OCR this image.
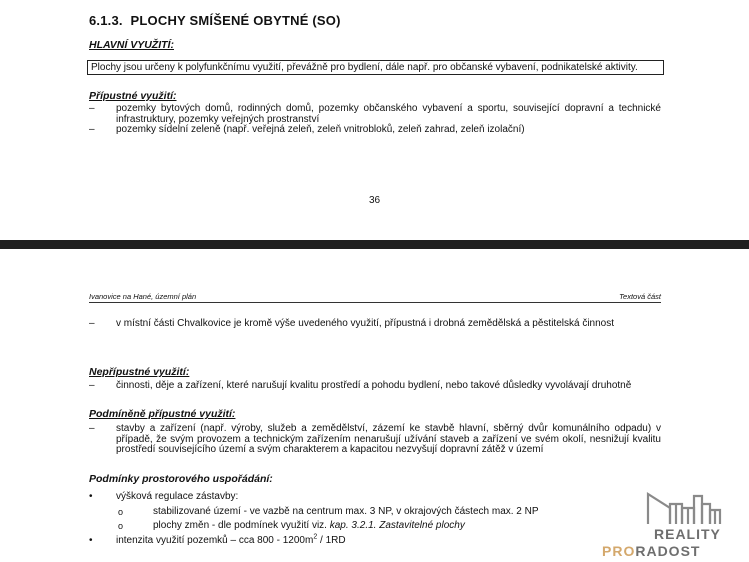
6.1.3. PLOCHY SMÍŠENÉ OBYTNÉ (SO)
HLAVNÍ VYUŽITÍ:
Plochy jsou určeny k polyfunkčnímu využití, převážně pro bydlení, dále např. pro občanské vybavení, podnikatelské aktivity.
Přípustné využití:
– pozemky bytových domů, rodinných domů, pozemky občanského vybavení a sportu, související dopravní a technické infrastruktury, pozemky veřejných prostranství
– pozemky sídelní zeleně (např. veřejná zeleň, zeleň vnitrobloků, zeleň zahrad, zeleň izolační)
36
Ivanovice na Hané, územní plán	Textová část
– v místní části Chvalkovice je kromě výše uvedeného využití, přípustná i drobná zemědělská a pěstitelská činnost
Nepřípustné využití:
– činnosti, děje a zařízení, které narušují kvalitu prostředí a pohodu bydlení, nebo takové důsledky vyvolávají druhotně
Podmíněně přípustné využití:
– stavby a zařízení (např. výroby, služeb a zemědělství, zázemí ke stavbě hlavní, sběrný dvůr komunálního odpadu) v případě, že svým provozem a technickým zařízením nenarušují užívání staveb a zařízení ve svém okolí, nesnižují kvalitu prostředí souvisejícího území a svým charakterem a kapacitou nezvyšují dopravní zátěž v území
Podmínky prostorového uspořádání:
• výšková regulace zástavby:
o	stabilizované území - ve vazbě na centrum max. 3 NP, v okrajových částech max. 2 NP
o	plochy změn - dle podmínek využití viz. kap. 3.2.1. Zastavitelné plochy
• intenzita využití pozemků – cca $800 - 1200m^2 / 1RD$	REALITY
PRORADOST
